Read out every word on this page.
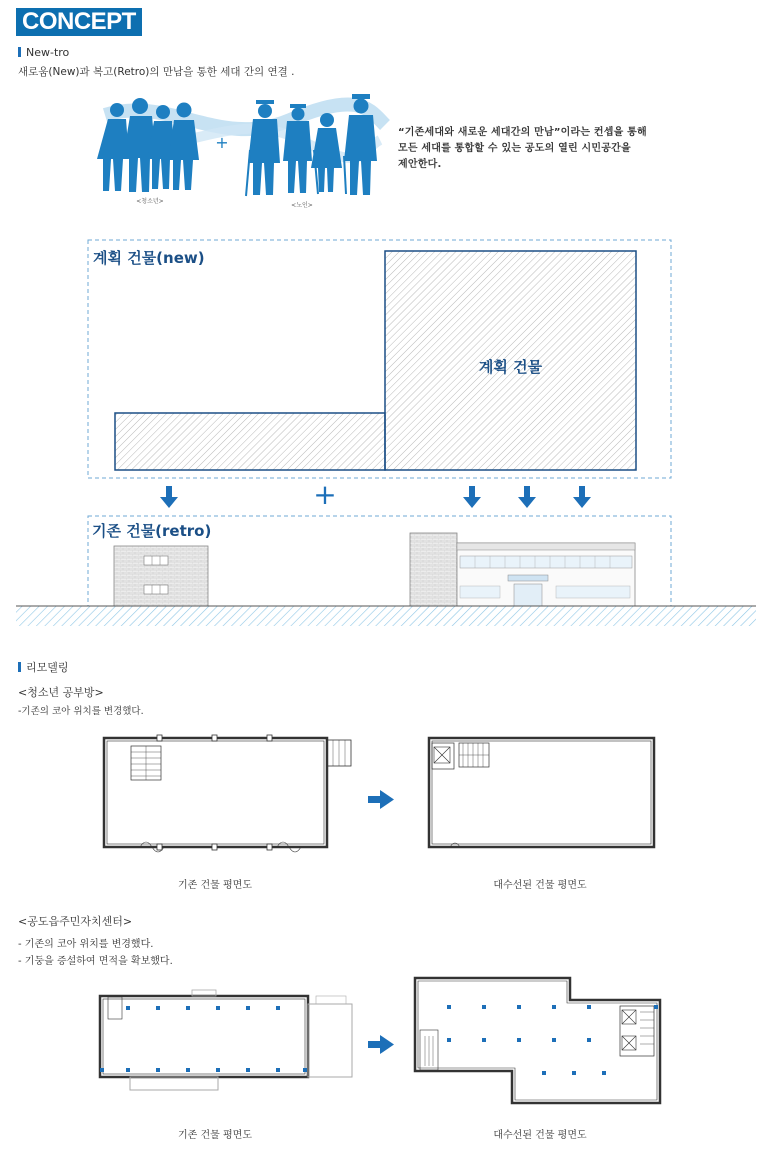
CONCEPT
New-tro
새로움(New)과 복고(Retro)의 만남을 통한 세대 간의 연결 .
+
“기존세대와 새로운 세대간의 만남”이라는 컨셉을 통해
모든 세대를 통합할 수 있는 공도의 열린 시민공간을
제안한다.
<청소년>
<노인>
계획 건물(new)
계획 건물
기존 건물(retro)
+
리모델링
<청소년 공부방>
-기존의 코아 위치를 변경했다.
기존 건물 평면도	대수선된 건물 평면도
<공도읍주민자치센터>
- 기존의 코아 위치를 변경했다.
- 기둥을 증설하여 면적을 확보했다.
기존 건물 평면도	대수선된 건물 평면도
